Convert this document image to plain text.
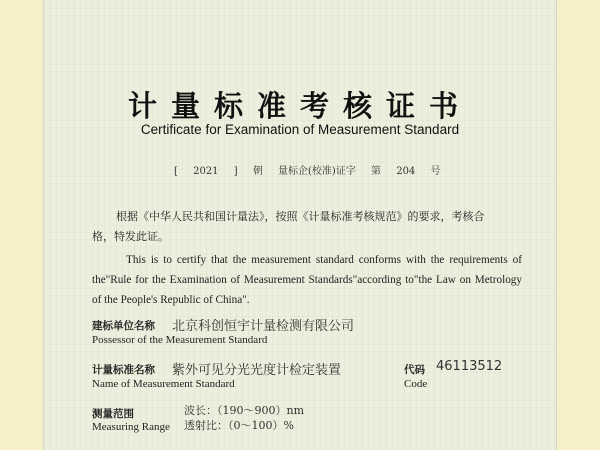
计量标准考核证书
Certificate for Examination of Measurement Standard
[ 2021 ] 朝 量标企(校准)证字 第 204 号
根据《中华人民共和国计量法》，按照《计量标准考核规范》的要求，考核合格，特发此证。
This is to certify that the measurement standard conforms with the requirements of the"Rule for the Examination of Measurement Standards"according to"the Law on Metrology of the People's Republic of China".
建标单位名称 北京科创恒宇计量检测有限公司
Possessor of the Measurement Standard
计量标准名称 紫外可见分光光度计检定装置
Name of Measurement Standard
代码 46113512
Code
测量范围
Measuring Range
波长：（190～900）nm
透射比：（0～100）%
